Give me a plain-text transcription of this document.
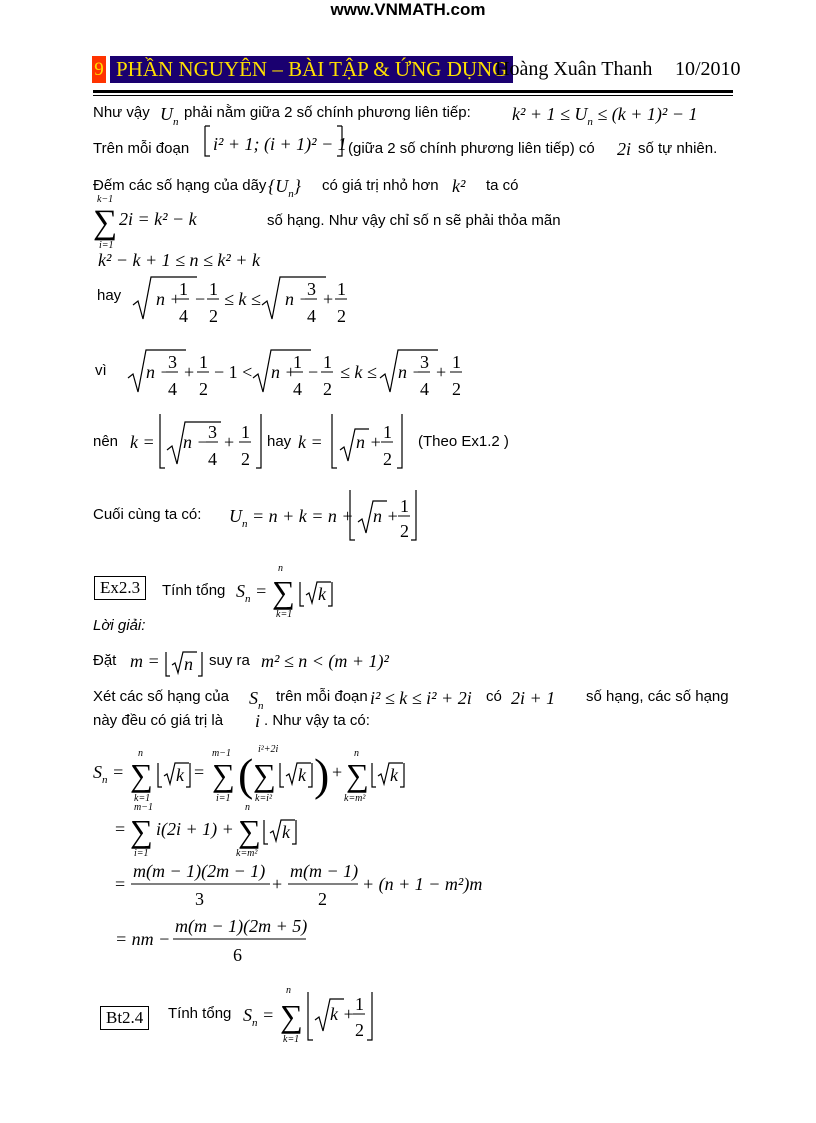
www.VNMATH.com
9 PHẦN NGUYÊN – BÀI TẬP & ỨNG DỤNG
Hoàng Xuân Thanh 10/2010
Như vậy phải nằm giữa 2 số chính phương liên tiếp:
Trên mỗi đoạn	(giữa 2 số chính phương liên tiếp) có	số tự nhiên.
Đếm các số hạng của dãy	có giá trị nhỏ hơn	ta có
số hạng. Như vậy chỉ số n sẽ phải thỏa mãn
hay
vì
nên	hay	(Theo Ex1.2 )
Cuối cùng ta có:
Tính tổng
Đặt	suy ra
Xét các số hạng của	trên mỗi đoạn	có	số hạng, các số hạng
này đều có giá trị là	. Như vậy ta có:
Tính tổng
U n	$k^2 + 1 \le U_n \le (k + 1)^2 - 1$
i² + 1; (i + 1)² − 1	2i
$\{U_n\}$	k²
k−1
∑
i=1
2i = k² − k
k² − k + 1 ≤ n ≤ k² + k
n +
1
4
− 1
2
≤ k ≤ n −
3
4
+ 1
2
n −
3
4
+ 1
2
− 1 < n +
1
4
− 1
2
≤ k ≤ n −
3
4
+ 1
2
k = n − 3
4
+ 1
2
k = n + 1
2
$U_n = n + k = n + n + 1$
2
$S_n$ =
n
∑
k=1
k
m = n	m² ≤ n < (m + 1)²
$S_n$	i² ≤ k ≤ i² + 2i 2i + 1
i
$S_n$ =
n
∑
k=1
k =
m−1
∑
i=1 ( i²+2i
∑
k=i²
k ) +
n
∑
k=m²
k
=
m−1
∑
i=1
i(2i + 1) +
n
∑
k=m²
k
=
m(m − 1)(2m − 1)
3
+
m(m − 1)
2
+ (n + 1 − m²)m
= nm −
m(m − 1)(2m + 5)
6
$S_n$ =
n
∑
k=1
k + 1
2
Ex2.3
Lời giải:
Bt2.4
